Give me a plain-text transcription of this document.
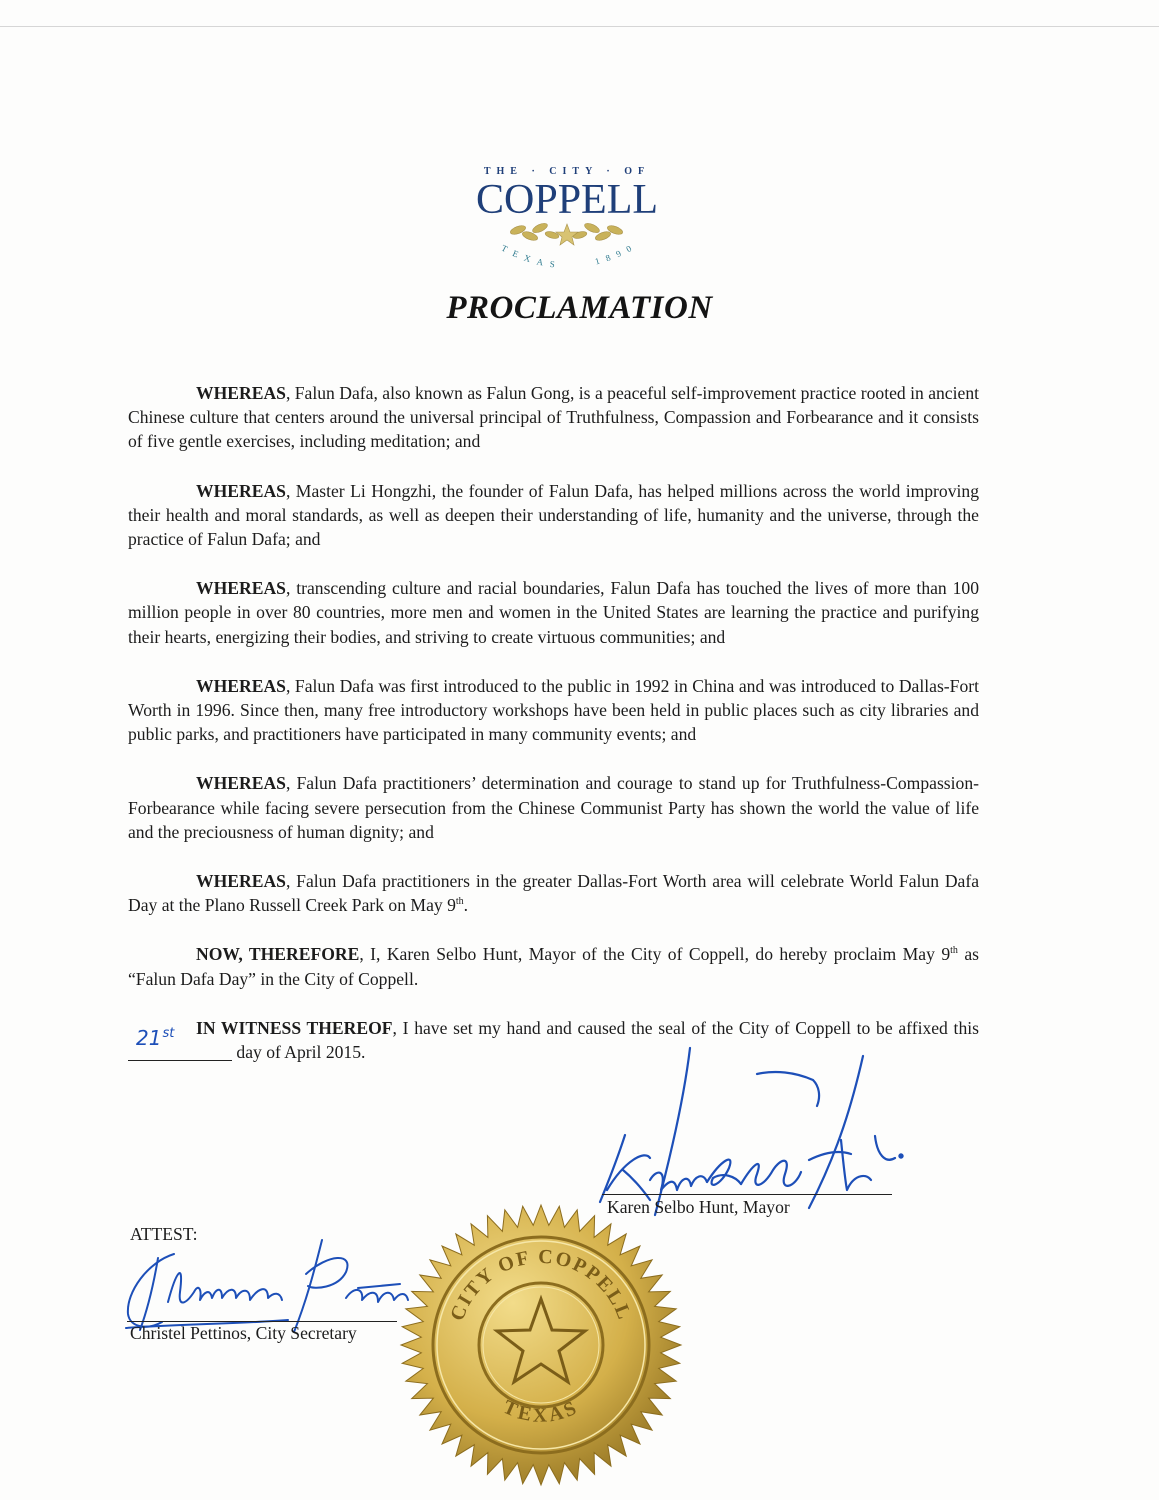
THE · CITY · OF
COPPELL
TEXAS	1890
PROCLAMATION

WHEREAS, Falun Dafa, also known as Falun Gong, is a peaceful self-improvement practice rooted in ancient Chinese culture that centers around the universal principal of Truthfulness, Compassion and Forbearance and it consists of five gentle exercises, including meditation; and

WHEREAS, Master Li Hongzhi, the founder of Falun Dafa, has helped millions across the world improving their health and moral standards, as well as deepen their understanding of life, humanity and the universe, through the practice of Falun Dafa; and

WHEREAS, transcending culture and racial boundaries, Falun Dafa has touched the lives of more than 100 million people in over 80 countries, more men and women in the United States are learning the practice and purifying their hearts, energizing their bodies, and striving to create virtuous communities; and

WHEREAS, Falun Dafa was first introduced to the public in 1992 in China and was introduced to Dallas-Fort Worth in 1996. Since then, many free introductory workshops have been held in public places such as city libraries and public parks, and practitioners have participated in many community events; and

WHEREAS, Falun Dafa practitioners’ determination and courage to stand up for Truthfulness-Compassion-Forbearance while facing severe persecution from the Chinese Communist Party has shown the world the value of life and the preciousness of human dignity; and

WHEREAS, Falun Dafa practitioners in the greater Dallas-Fort Worth area will celebrate World Falun Dafa Day at the Plano Russell Creek Park on May 9th.

NOW, THEREFORE, I, Karen Selbo Hunt, Mayor of the City of Coppell, do hereby proclaim May 9th as “Falun Dafa Day” in the City of Coppell.

IN WITNESS THEREOF, I have set my hand and caused the seal of the City of Coppell to be affixed this
21st
day of April 2015.

Karen Selbo Hunt, Mayor
ATTEST:
Christel Pettinos, City Secretary
CITY OF COPPELL
TEXAS
